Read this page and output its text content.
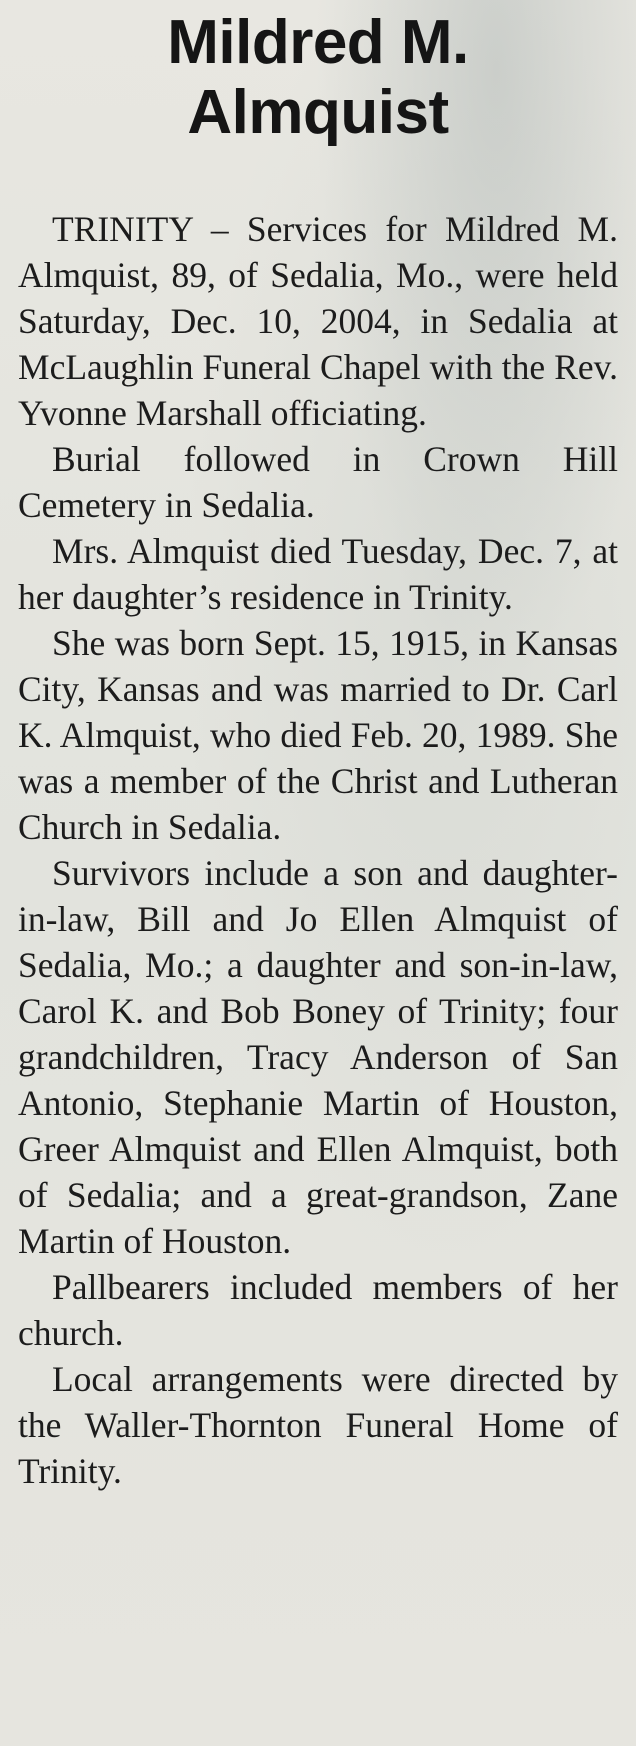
Mildred M.
Almquist

TRINITY – Services for Mildred M. Almquist, 89, of Sedalia, Mo., were held Saturday, Dec. 10, 2004, in Sedalia at McLaughlin Funeral Chapel with the Rev. Yvonne Marshall officiating.

Burial followed in Crown Hill Cemetery in Sedalia.

Mrs. Almquist died Tuesday, Dec. 7, at her daughter’s residence in Trinity.

She was born Sept. 15, 1915, in Kansas City, Kansas and was married to Dr. Carl K. Almquist, who died Feb. 20, 1989. She was a member of the Christ and Lutheran Church in Sedalia.

Survivors include a son and daughter-in-law, Bill and Jo Ellen Almquist of Sedalia, Mo.; a daughter and son-in-law, Carol K. and Bob Boney of Trinity; four grandchildren, Tracy Anderson of San Antonio, Stephanie Martin of Houston, Greer Almquist and Ellen Almquist, both of Sedalia; and a great-grandson, Zane Martin of Houston.

Pallbearers included members of her church.

Local arrangements were directed by the Waller-Thornton Funeral Home of Trinity.
